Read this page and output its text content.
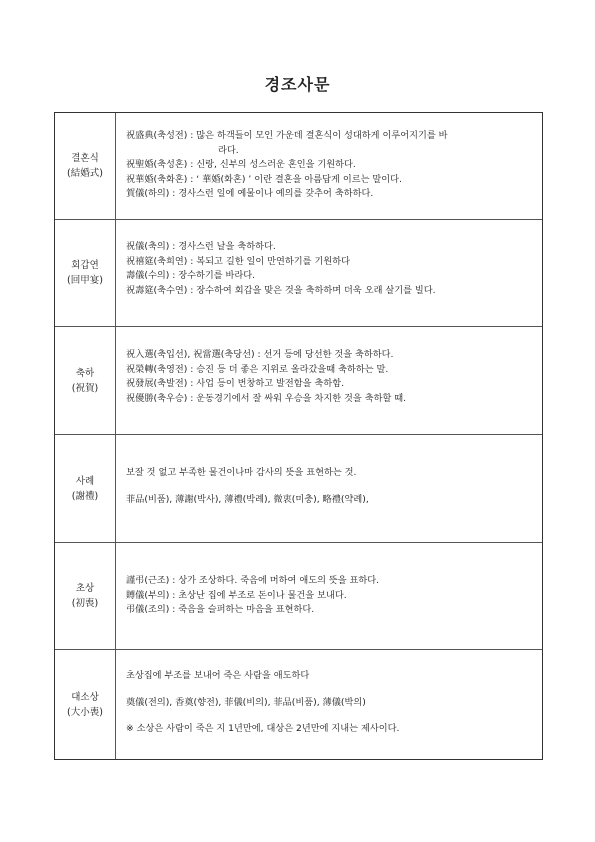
경조사문
결혼식
(結婚式)
祝盛典(축성전) : 많은 하객들이 모인 가운데 결혼식이 성대하게 이루어지기를 바
라다.
祝聖婚(축성혼) : 신랑, 신부의 성스러운 혼인을 기원하다.
祝華婚(축화혼) : ‘ 華婚(화혼) ’ 이란 결혼을 아름답게 이르는 말이다.
賀儀(하의) : 경사스런 일에 예물이나 예의를 갖추어 축하하다.
회갑연
(回甲宴)
祝儀(축의) : 경사스런 날을 축하하다.
祝禧筵(축희연) : 복되고 길한 일이 만연하기를 기원하다
壽儀(수의) : 장수하기를 바라다.
祝壽筵(축수연) : 장수하여 회갑을 맞은 것을 축하하며 더욱 오래 살기를 빌다.
축하
(祝賀)
祝入選(축입선), 祝當選(축당선) : 선거 등에 당선한 것을 축하하다.
祝榮轉(축영전) : 승진 등 더 좋은 지위로 올라갔을때 축하하는 말.
祝發展(축발전) : 사업 등이 번창하고 발전함을 축하함.
祝優勝(축우승) : 운동경기에서 잘 싸워 우승을 차지한 것을 축하할 때.
사례
(謝禮)
보잘 것 없고 부족한 물건이나마 감사의 뜻을 표현하는 것.
菲品(비품), 薄謝(박사), 薄禮(박례), 微衷(미충), 略禮(약례),
초상
(初喪)
謹弔(근조) : 상가 조상하다. 죽음에 머하여 애도의 뜻을 표하다.
賻儀(부의) : 초상난 집에 부조로 돈이나 물건을 보내다.
弔儀(조의) : 죽음을 슬퍼하는 마음을 표현하다.
대소상
(大小喪)
초상집에 부조를 보내어 죽은 사람을 애도하다
奠儀(전의), 香奠(향전), 菲儀(비의), 菲品(비품), 薄儀(박의)
※ 소상은 사람이 죽은 지 1년만에, 대상은 2년만에 지내는 제사이다.
